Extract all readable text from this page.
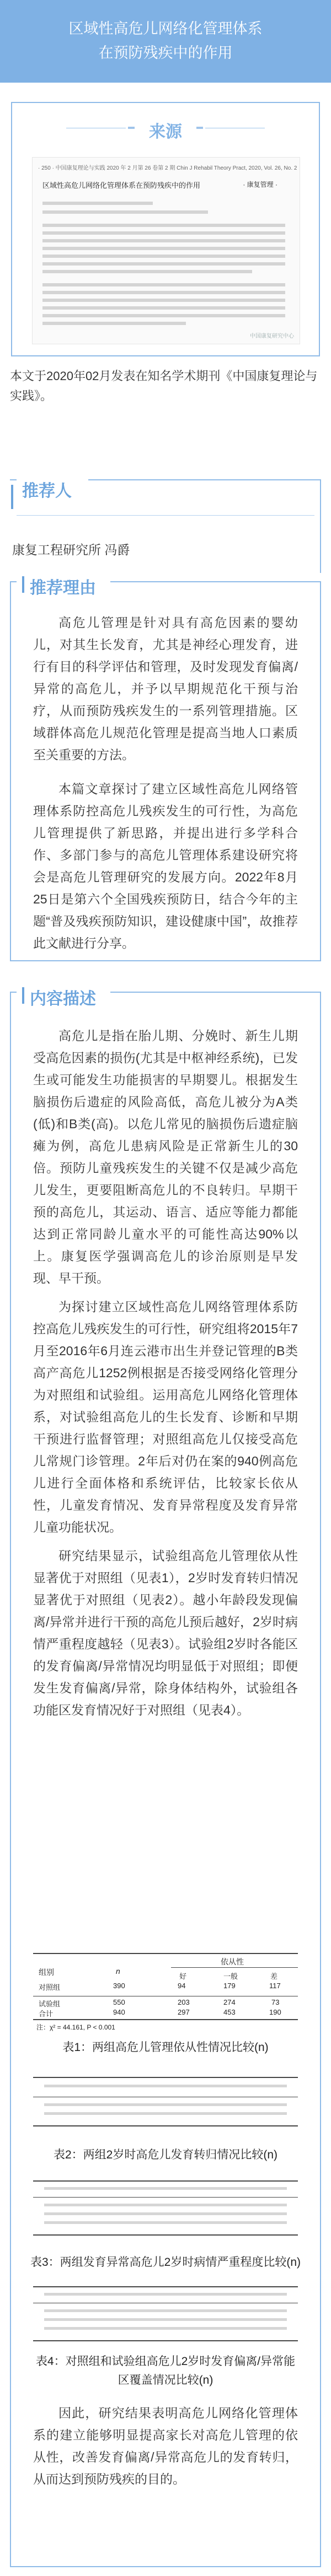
区域性高危儿网络化管理体系
在预防残疾中的作用
来源
· 250 · 中国康复理论与实践 2020 年 2 月第 26 卷第 2 期 Chin J Rehabil Theory Pract, 2020, Vol. 26, No. 2
区域性高危儿网络化管理体系在预防残疾中的作用	· 康复管理 ·
中国康复研究中心
本文于2020年02月发表在知名学术期刊《中国康复理论与实践》。
推荐人
康复工程研究所 冯爵
推荐理由

高危儿管理是针对具有高危因素的婴幼儿，对其生长发育，尤其是神经心理发育，进行有目的科学评估和管理，及时发现发育偏离/异常的高危儿，并予以早期规范化干预与治疗，从而预防残疾发生的一系列管理措施。区域群体高危儿规范化管理是提高当地人口素质至关重要的方法。

本篇文章探讨了建立区域性高危儿网络管理体系防控高危儿残疾发生的可行性，为高危儿管理提供了新思路，并提出进行多学科合作、多部门参与的高危儿管理体系建设研究将会是高危儿管理研究的发展方向。2022年8月25日是第六个全国残疾预防日，结合今年的主题“普及残疾预防知识，建设健康中国”，故推荐此文献进行分享。

内容描述

高危儿是指在胎儿期、分娩时、新生儿期受高危因素的损伤(尤其是中枢神经系统)，已发生或可能发生功能损害的早期婴儿。根据发生脑损伤后遗症的风险高低，高危儿被分为A类(低)和B类(高)。以危儿常见的脑损伤后遗症脑瘫为例，高危儿患病风险是正常新生儿的30倍。预防儿童残疾发生的关键不仅是减少高危儿发生，更要阻断高危儿的不良转归。早期干预的高危儿，其运动、语言、适应等能力都能达到正常同龄儿童水平的可能性高达90%以上。康复医学强调高危儿的诊治原则是早发现、早干预。

为探讨建立区域性高危儿网络管理体系防控高危儿残疾发生的可行性，研究组将2015年7月至2016年6月连云港市出生并登记管理的B类高产高危儿1252例根据是否接受网络化管理分为对照组和试验组。运用高危儿网络化管理体系，对试验组高危儿的生长发育、诊断和早期干预进行监督管理；对照组高危儿仅接受高危儿常规门诊管理。2年后对仍在案的940例高危儿进行全面体格和系统评估，比较家长依从性，儿童发育情况、发育异常程度及发育异常儿童功能状况。

研究结果显示，试验组高危儿管理依从性显著优于对照组（见表1），2岁时发育转归情况显著优于对照组（见表2）。越小年龄段发现偏离/异常并进行干预的高危儿预后越好，2岁时病情严重程度越轻（见表3）。试验组2岁时各能区的发育偏离/异常情况均明显低于对照组；即便发生发育偏离/异常，除身体结构外，试验组各功能区发育情况好于对照组（见表4）。

组别	n
依从性
好	一般	差
对照组	390	94	179	117
试验组	550	203	274	73
合计	940	297	453	190
注：χ² = 44.161, P < 0.001
表1：两组高危儿管理依从性情况比较(n)
表2：两组2岁时高危儿发育转归情况比较(n)
表3：两组发育异常高危儿2岁时病情严重程度比较(n)
表4：对照组和试验组高危儿2岁时发育偏离/异常能区覆盖情况比较(n)

因此，研究结果表明高危儿网络化管理体系的建立能够明显提高家长对高危儿管理的依从性，改善发育偏离/异常高危儿的发育转归，从而达到预防残疾的目的。
